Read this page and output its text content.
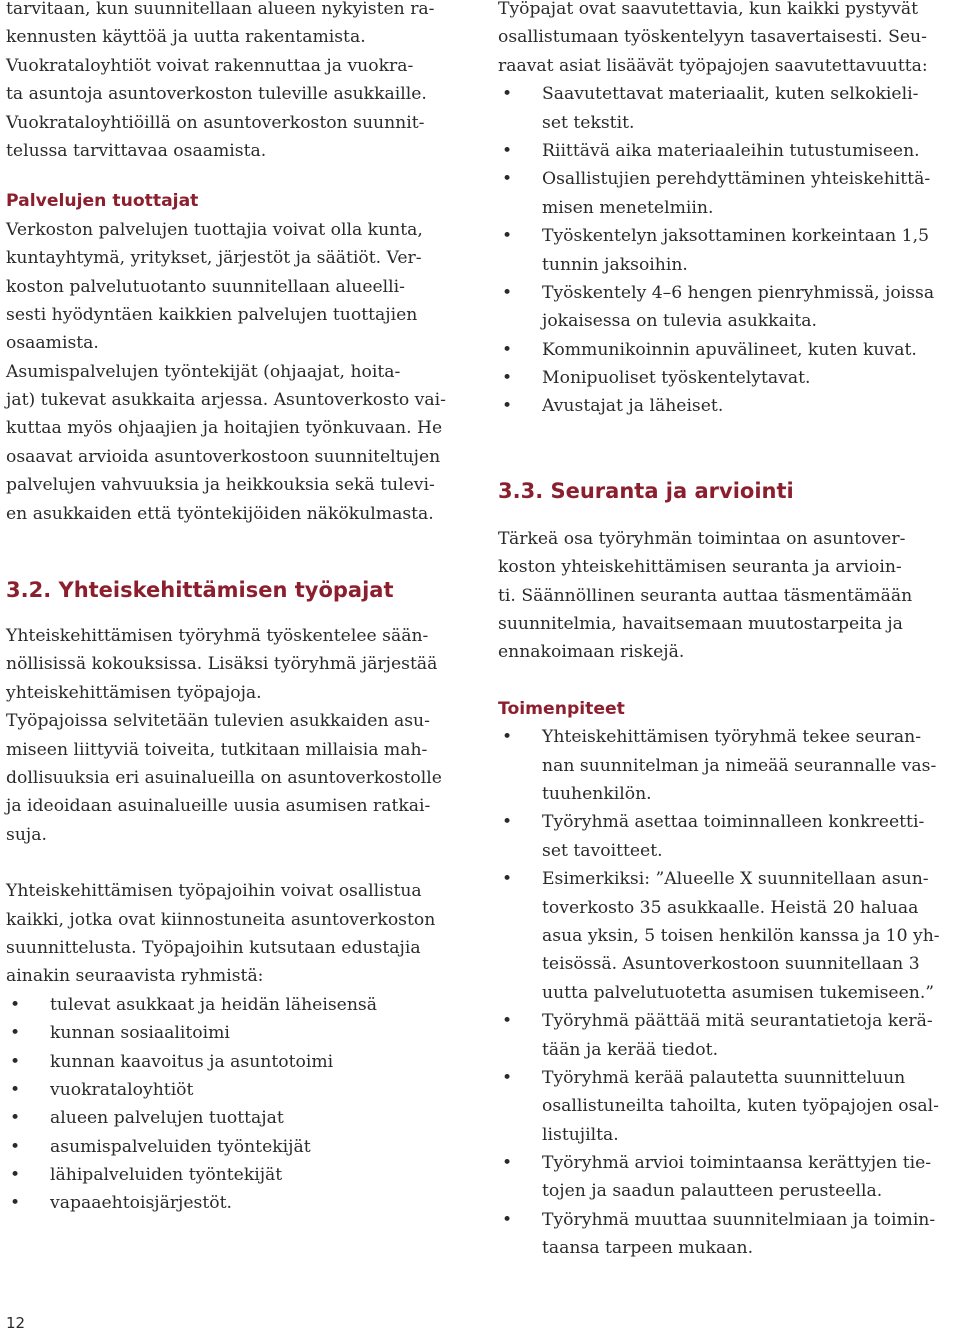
tarvitaan, kun suunnitellaan alueen nykyisten ra-
kennusten käyttöä ja uutta rakentamista.
Vuokrataloyhtiöt voivat rakennuttaa ja vuokra-
ta asuntoja asuntoverkoston tuleville asukkaille.
Vuokrataloyhtiöillä on asuntoverkoston suunnit-
telussa tarvittavaa osaamista.
Palvelujen tuottajat
Verkoston palvelujen tuottajia voivat olla kunta,
kuntayhtymä, yritykset, järjestöt ja säätiöt. Ver-
koston palvelutuotanto suunnitellaan alueelli-
sesti hyödyntäen kaikkien palvelujen tuottajien
osaamista.
Asumispalvelujen työntekijät (ohjaajat, hoita-
jat) tukevat asukkaita arjessa. Asuntoverkosto vai-
kuttaa myös ohjaajien ja hoitajien työnkuvaan. He
osaavat arvioida asuntoverkostoon suunniteltujen
palvelujen vahvuuksia ja heikkouksia sekä tulevi-
en asukkaiden että työntekijöiden näkökulmasta.
3.2. Yhteiskehittämisen työpajat
Yhteiskehittämisen työryhmä työskentelee sään-
nöllisissä kokouksissa. Lisäksi työryhmä järjestää
yhteiskehittämisen työpajoja.
Työpajoissa selvitetään tulevien asukkaiden asu-
miseen liittyviä toiveita, tutkitaan millaisia mah-
dollisuuksia eri asuinalueilla on asuntoverkostolle
ja ideoidaan asuinalueille uusia asumisen ratkai-
suja.
Yhteiskehittämisen työpajoihin voivat osallistua
kaikki, jotka ovat kiinnostuneita asuntoverkoston
suunnittelusta. Työpajoihin kutsutaan edustajia
ainakin seuraavista ryhmistä:
• tulevat asukkaat ja heidän läheisensä
• kunnan sosiaalitoimi
• kunnan kaavoitus ja asuntotoimi
• vuokrataloyhtiöt
• alueen palvelujen tuottajat
• asumispalveluiden työntekijät
• lähipalveluiden työntekijät
• vapaaehtoisjärjestöt.
Työpajat ovat saavutettavia, kun kaikki pystyvät
osallistumaan työskentelyyn tasavertaisesti. Seu-
raavat asiat lisäävät työpajojen saavutettavuutta:
• Saavutettavat materiaalit, kuten selkokieli-
set tekstit.
• Riittävä aika materiaaleihin tutustumiseen.
• Osallistujien perehdyttäminen yhteiskehittä-
misen menetelmiin.
• Työskentelyn jaksottaminen korkeintaan 1,5
tunnin jaksoihin.
• Työskentely 4–6 hengen pienryhmissä, joissa
jokaisessa on tulevia asukkaita.
• Kommunikoinnin apuvälineet, kuten kuvat.
• Monipuoliset työskentelytavat.
• Avustajat ja läheiset.
3.3. Seuranta ja arviointi
Tärkeä osa työryhmän toimintaa on asuntover-
koston yhteiskehittämisen seuranta ja arvioin-
ti. Säännöllinen seuranta auttaa täsmentämään
suunnitelmia, havaitsemaan muutostarpeita ja
ennakoimaan riskejä.
Toimenpiteet
• Yhteiskehittämisen työryhmä tekee seuran-
nan suunnitelman ja nimeää seurannalle vas-
tuuhenkilön.
• Työryhmä asettaa toiminnalleen konkreetti-
set tavoitteet.
• Esimerkiksi: ”Alueelle X suunnitellaan asun-
toverkosto 35 asukkaalle. Heistä 20 haluaa
asua yksin, 5 toisen henkilön kanssa ja 10 yh-
teisössä. Asuntoverkostoon suunnitellaan 3
uutta palvelutuotetta asumisen tukemiseen.”
• Työryhmä päättää mitä seurantatietoja kerä-
tään ja kerää tiedot.
• Työryhmä kerää palautetta suunnitteluun
osallistuneilta tahoilta, kuten työpajojen osal-
listujilta.
• Työryhmä arvioi toimintaansa kerättyjen tie-
tojen ja saadun palautteen perusteella.
• Työryhmä muuttaa suunnitelmiaan ja toimin-
taansa tarpeen mukaan.
12
